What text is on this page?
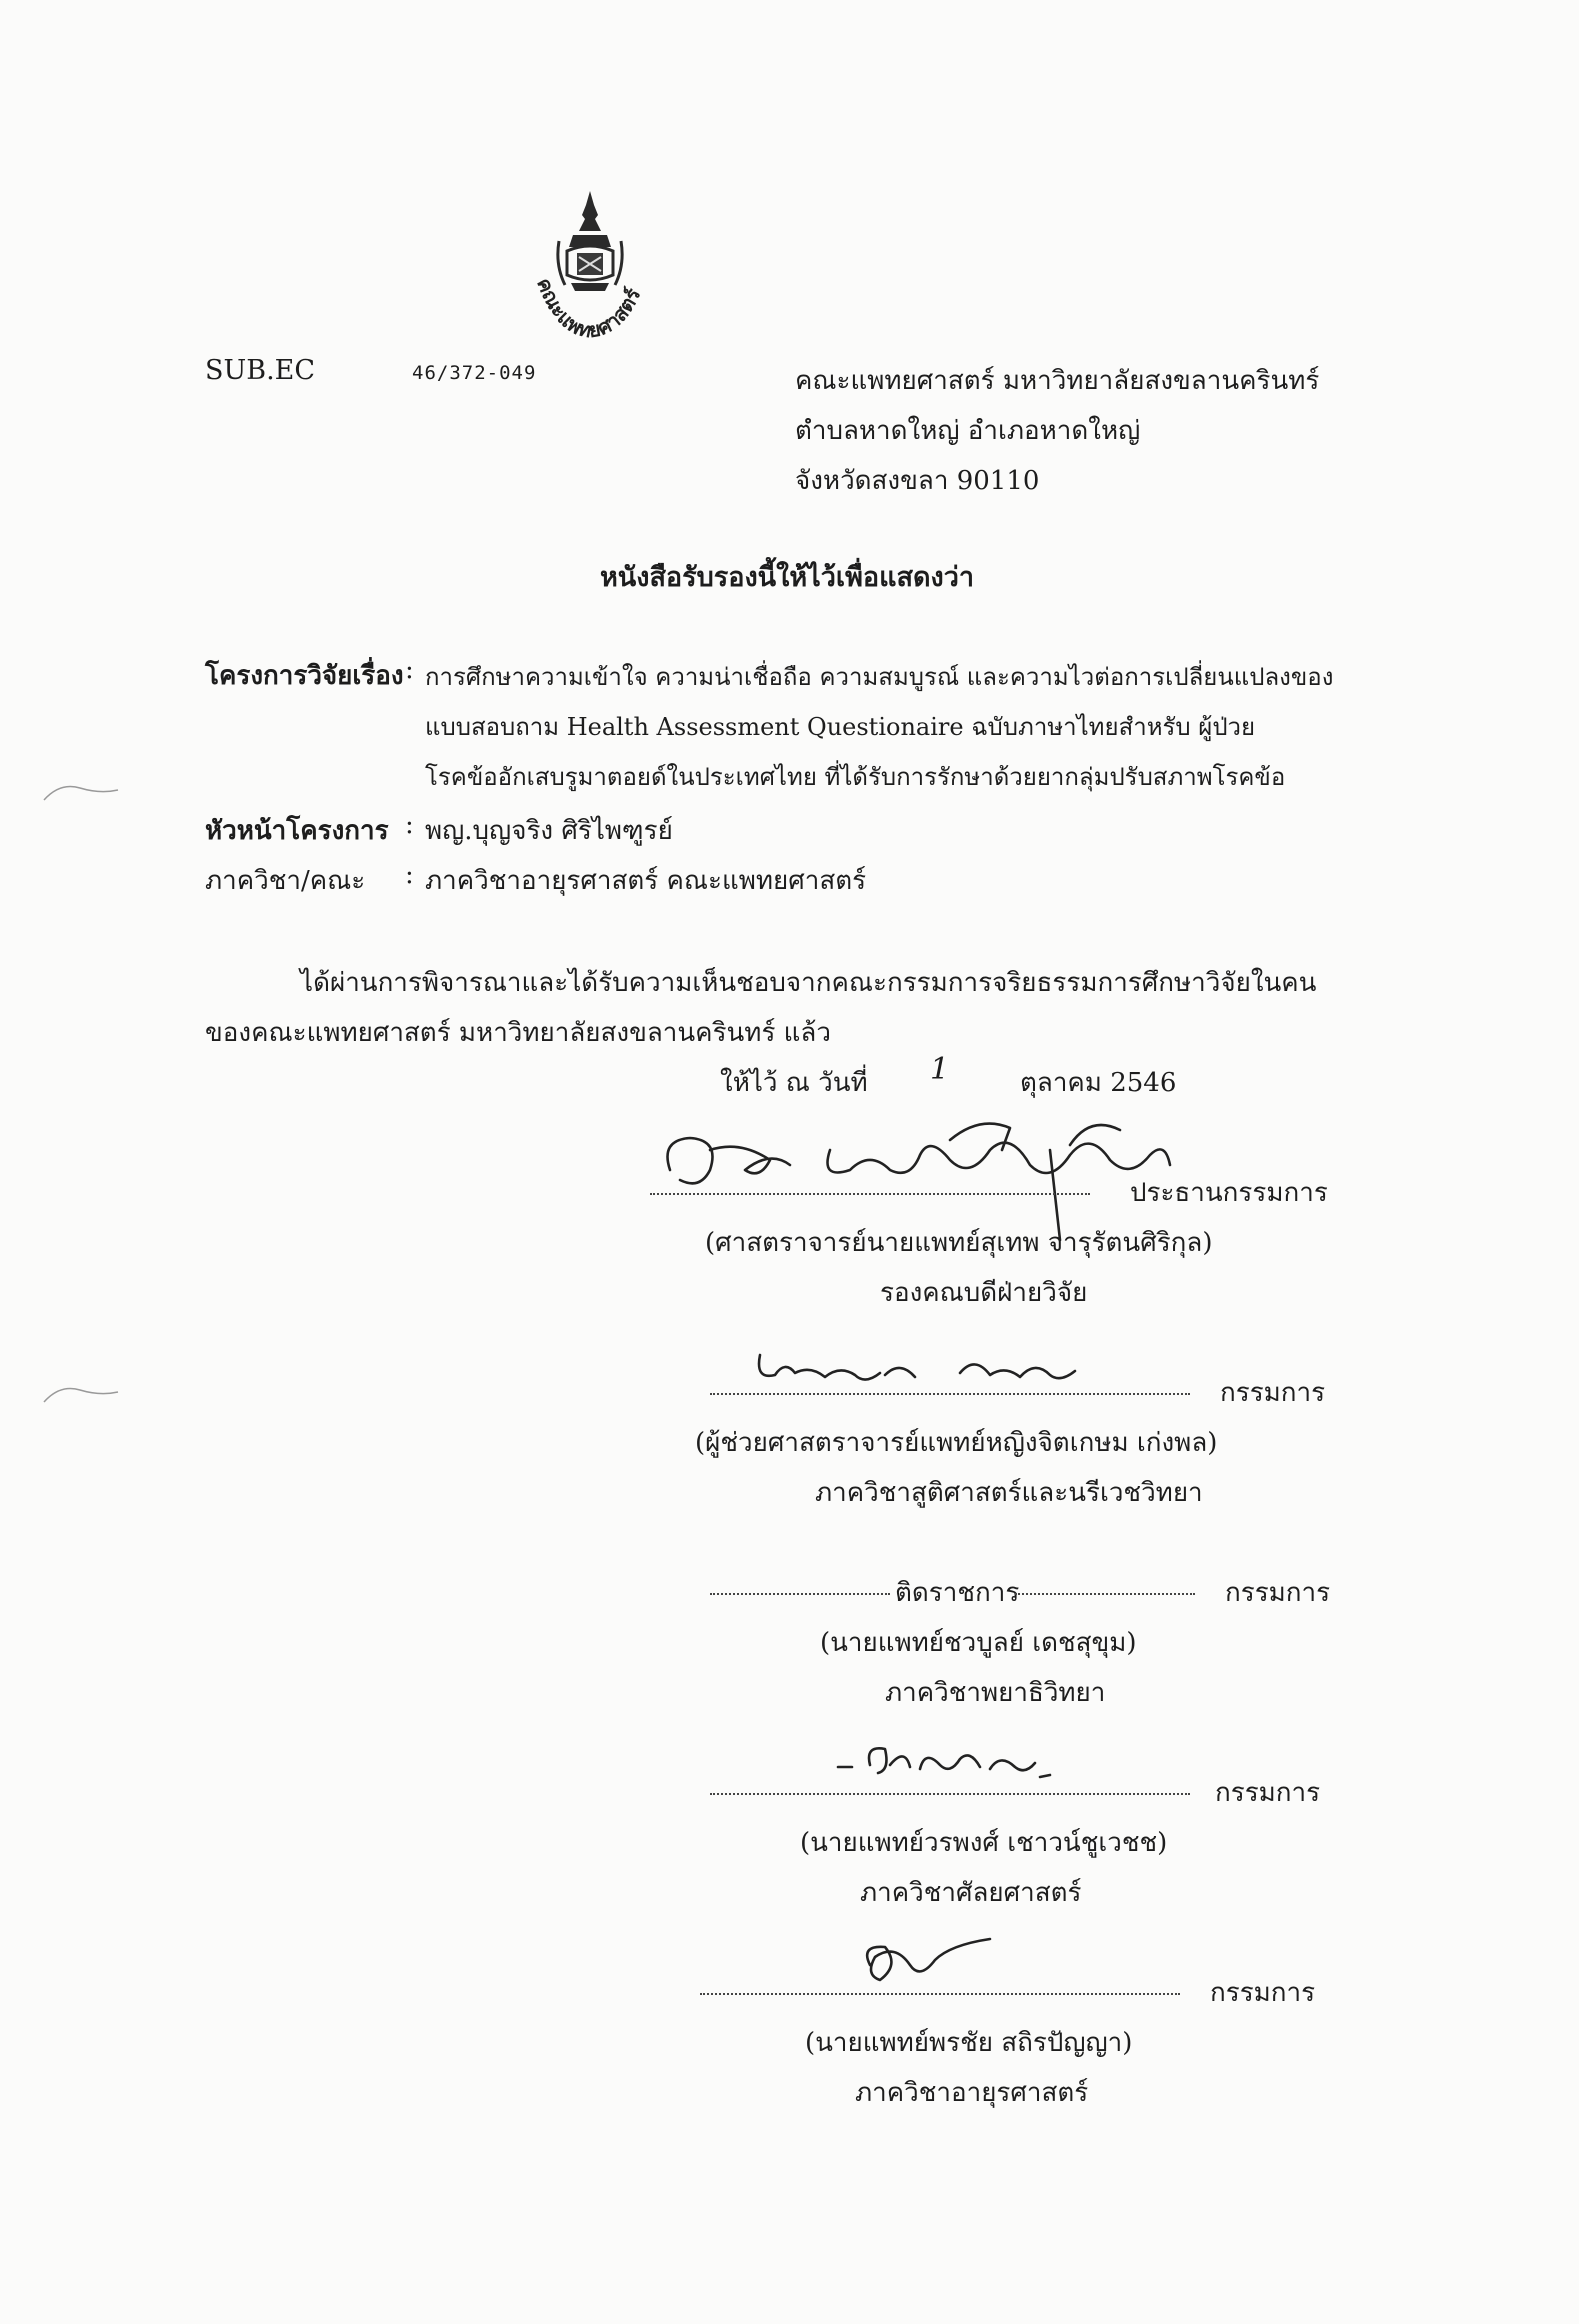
คณะแพทยศาสตร์
SUB.EC	46/372-049	คณะแพทยศาสตร์ มหาวิทยาลัยสงขลานครินทร์
ตำบลหาดใหญ่ อำเภอหาดใหญ่
จังหวัดสงขลา 90110
หนังสือรับรองนี้ให้ไว้เพื่อแสดงว่า
โครงการวิจัยเรื่อง : การศึกษาความเข้าใจ ความน่าเชื่อถือ ความสมบูรณ์ และความไวต่อการเปลี่ยนแปลงของ
แบบสอบถาม Health Assessment Questionaire ฉบับภาษาไทยสำหรับ ผู้ป่วย
โรคข้ออักเสบรูมาตอยด์ในประเทศไทย ที่ได้รับการรักษาด้วยยากลุ่มปรับสภาพโรคข้อ
หัวหน้าโครงการ : พญ.บุญจริง ศิริไพฑูรย์
ภาควิชา/คณะ : ภาควิชาอายุรศาสตร์ คณะแพทยศาสตร์
ได้ผ่านการพิจารณาและได้รับความเห็นชอบจากคณะกรรมการจริยธรรมการศึกษาวิจัยในคน
ของคณะแพทยศาสตร์ มหาวิทยาลัยสงขลานครินทร์ แล้ว
ให้ไว้ ณ วันที่ 1	ตุลาคม 2546
ประธานกรรมการ
(ศาสตราจารย์นายแพทย์สุเทพ จารุรัตนศิริกุล)
รองคณบดีฝ่ายวิจัย
กรรมการ
(ผู้ช่วยศาสตราจารย์แพทย์หญิงจิตเกษม เก่งพล)
ภาควิชาสูติศาสตร์และนรีเวชวิทยา
ติดราชการ	กรรมการ
(นายแพทย์ชวบูลย์ เดชสุขุม)
ภาควิชาพยาธิวิทยา
กรรมการ
(นายแพทย์วรพงศ์ เชาวน์ชูเวชช)
ภาควิชาศัลยศาสตร์
กรรมการ
(นายแพทย์พรชัย สถิรปัญญา)
ภาควิชาอายุรศาสตร์
